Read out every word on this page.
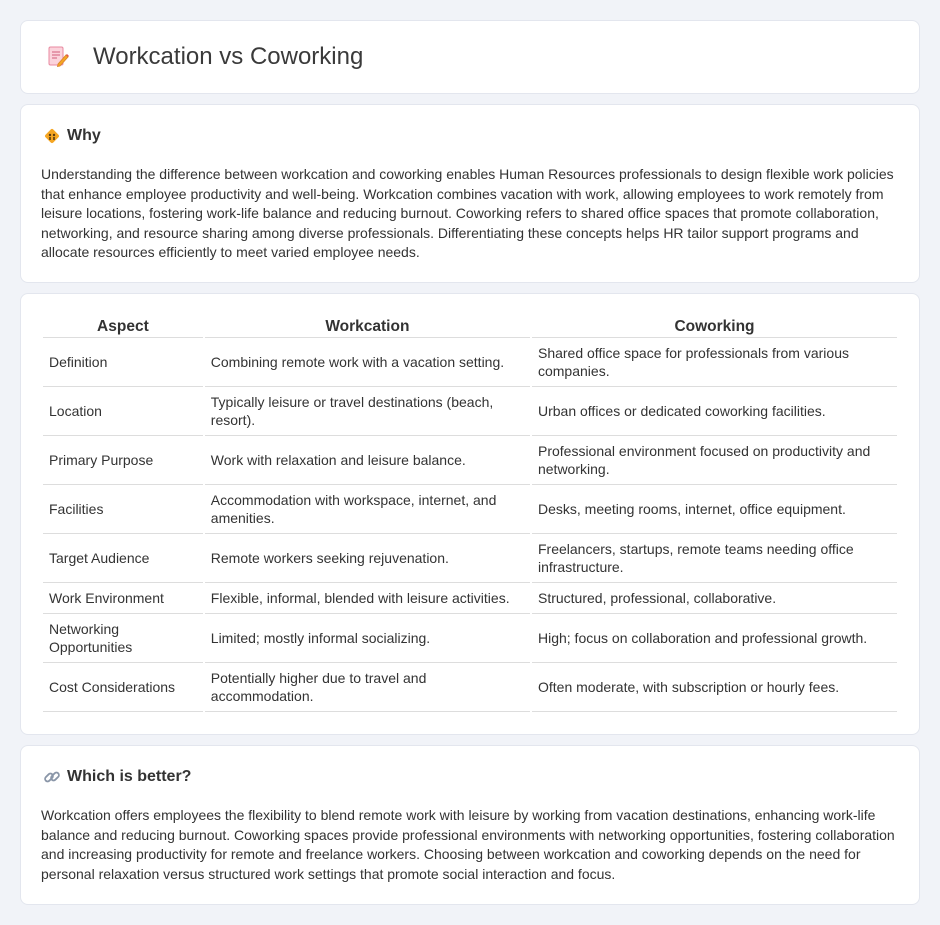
Workcation vs Coworking
Why

Understanding the difference between workcation and coworking enables Human Resources professionals to design flexible work policies that enhance employee productivity and well-being. Workcation combines vacation with work, allowing employees to work remotely from leisure locations, fostering work-life balance and reducing burnout. Coworking refers to shared office spaces that promote collaboration, networking, and resource sharing among diverse professionals. Differentiating these concepts helps HR tailor support programs and allocate resources efficiently to meet varied employee needs.

Aspect	Workcation	Coworking
Definition	Combining remote work with a vacation setting.	Shared office space for professionals from various companies.
Location	Typically leisure or travel destinations (beach, resort).	Urban offices or dedicated coworking facilities.
Primary Purpose	Work with relaxation and leisure balance.	Professional environment focused on productivity and networking.
Facilities	Accommodation with workspace, internet, and amenities.	Desks, meeting rooms, internet, office equipment.
Target Audience	Remote workers seeking rejuvenation.	Freelancers, startups, remote teams needing office infrastructure.
Work Environment	Flexible, informal, blended with leisure activities.	Structured, professional, collaborative.
Networking Opportunities	Limited; mostly informal socializing.	High; focus on collaboration and professional growth.
Cost Considerations	Potentially higher due to travel and accommodation.	Often moderate, with subscription or hourly fees.
Which is better?

Workcation offers employees the flexibility to blend remote work with leisure by working from vacation destinations, enhancing work-life balance and reducing burnout. Coworking spaces provide professional environments with networking opportunities, fostering collaboration and increasing productivity for remote and freelance workers. Choosing between workcation and coworking depends on the need for personal relaxation versus structured work settings that promote social interaction and focus.
